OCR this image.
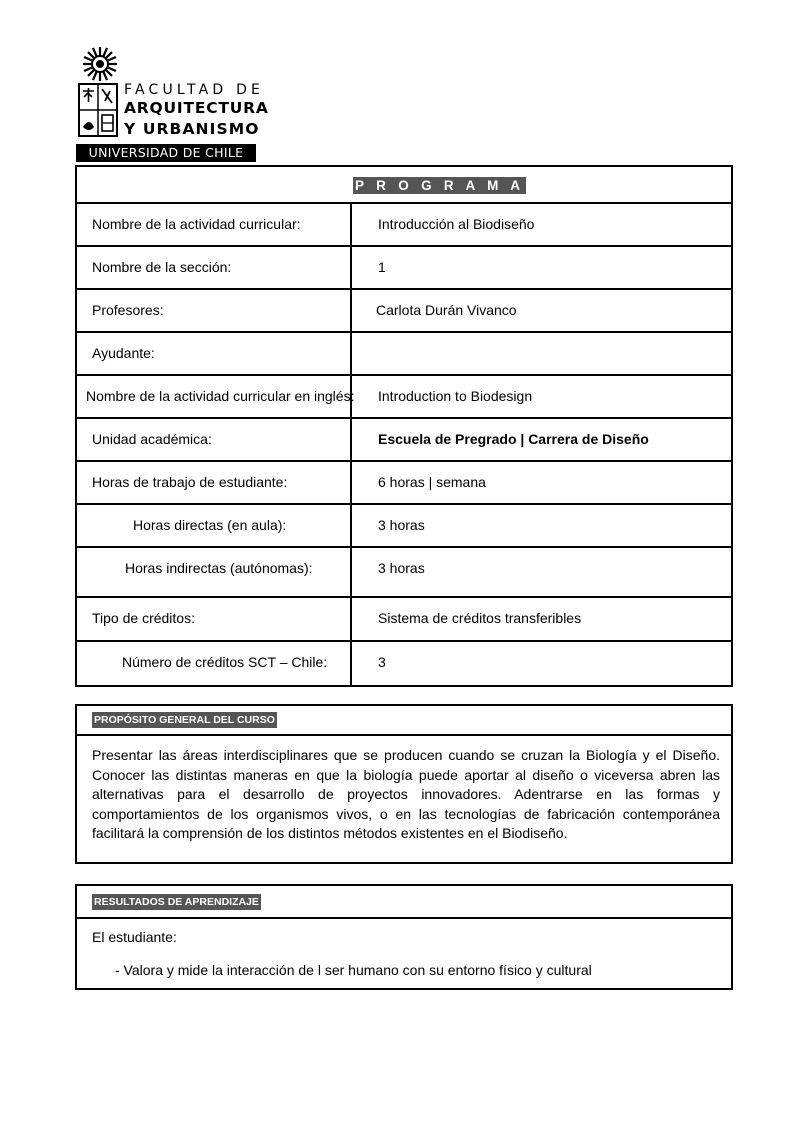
FACULTAD DE
ARQUITECTURA
Y URBANISMO
UNIVERSIDAD DE CHILE
P R O G R A M A
Nombre de la actividad curricular:	Introducción al Biodiseño
Nombre de la sección:	1
Profesores:	Carlota Durán Vivanco
Ayudante:
Nombre de la actividad curricular en inglés:	Introduction to Biodesign
Unidad académica:	Escuela de Pregrado | Carrera de Diseño
Horas de trabajo de estudiante:	6 horas | semana
Horas directas (en aula):	3 horas
Horas indirectas (autónomas):	3 horas
Tipo de créditos:	Sistema de créditos transferibles
Número de créditos SCT – Chile:	3
PROPÓSITO GENERAL DEL CURSO
Presentar las áreas interdisciplinares que se producen cuando se cruzan la Biología y el Diseño. Conocer las distintas maneras en que la biología puede aportar al diseño o viceversa abren las alternativas para el desarrollo de proyectos innovadores. Adentrarse en las formas y comportamientos de los organismos vivos, o en las tecnologías de fabricación contemporánea facilitará la comprensión de los distintos métodos existentes en el Biodiseño.
RESULTADOS DE APRENDIZAJE
El estudiante:
- Valora y mide la interacción de l ser humano con su entorno físico y cultural
